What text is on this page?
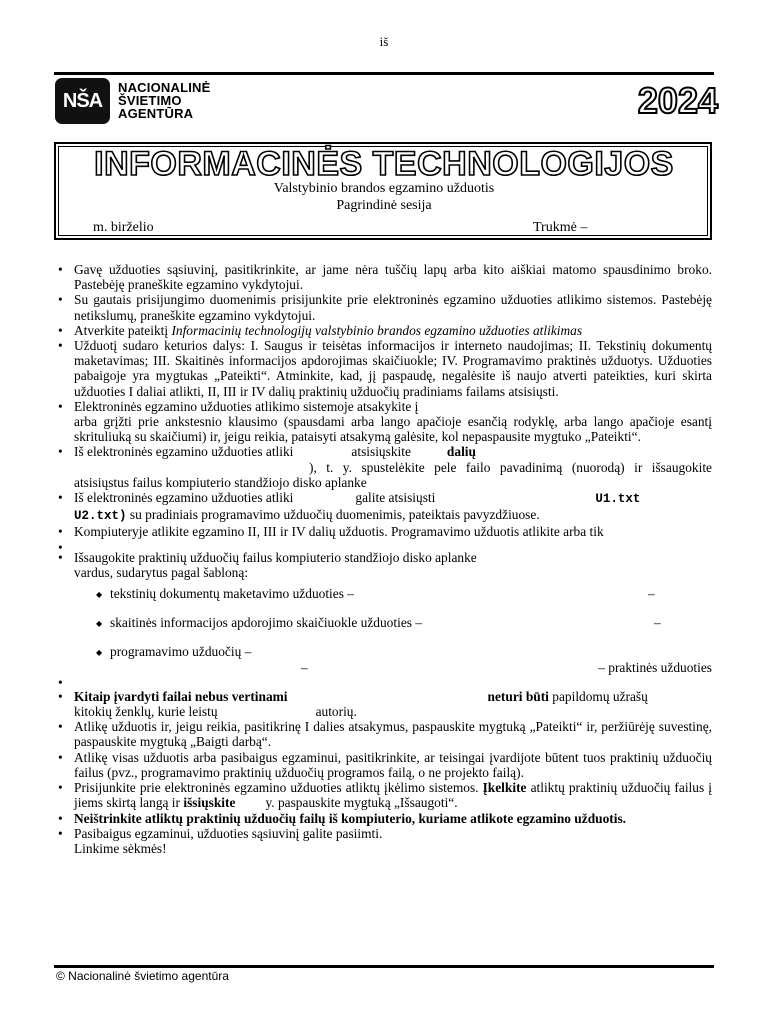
iš
NŠA
NACIONALINĖ
ŠVIETIMO
AGENTŪRA	2024
INFORMACINĖS TECHNOLOGIJOS
Valstybinio brandos egzamino užduotis
Pagrindinė sesija
m. birželio	Trukmė –
• Gavę užduoties sąsiuvinį, pasitikrinkite, ar jame nėra tuščių lapų arba kito aiškiai matomo spausdinimo broko. Pastebėję praneškite egzamino vykdytojui.
• Su gautais prisijungimo duomenimis prisijunkite prie elektroninės egzamino užduoties atlikimo sistemos. Pastebėję netikslumų, praneškite egzamino vykdytojui.
• Atverkite pateiktį Informacinių technologijų valstybinio brandos egzamino užduoties atlikimas
• Užduotį sudaro keturios dalys: I. Saugus ir teisėtas informacijos ir interneto naudojimas; II. Tekstinių dokumentų maketavimas; III. Skaitinės informacijos apdorojimas skaičiuokle; IV. Programavimo praktinės užduotys. Užduoties pabaigoje yra mygtukas „Pateikti“. Atminkite, kad, jį paspaudę, negalėsite iš naujo atverti pateikties, kuri skirta užduoties I daliai atlikti, II, III ir IV dalių praktinių užduočių pradiniams failams atsisiųsti.
• Elektroninės egzamino užduoties atlikimo sistemoje atsakykite į
arba grįžti prie ankstesnio klausimo (spausdami arba lango apačioje esančią rodyklę, arba lango apačioje esantį skrituliuką su skaičiumi) ir, jeigu reikia, pataisyti atsakymą galėsite, kol nepaspausite mygtuko „Pateikti“.
• Iš elektroninės egzamino užduoties atliki	atsisiųskite	dalių
), t. y. spustelėkite pele failo pavadinimą (nuorodą) ir išsaugokite atsisiųstus failus kompiuterio standžiojo disko aplanke
• Iš elektroninės egzamino užduoties atliki	galite atsisiųsti	U1.txt
U2.txt) su pradiniais programavimo užduočių duomenimis, pateiktais pavyzdžiuose.
• Kompiuteryje atlikite egzamino II, III ir IV dalių užduotis. Programavimo užduotis atlikite arba tik
•
• Išsaugokite praktinių užduočių failus kompiuterio standžiojo disko aplanke
vardus, sudarytus pagal šabloną:
◆ tekstinių dokumentų maketavimo užduoties –	–
◆ skaitinės informacijos apdorojimo skaičiuokle užduoties –	–
◆ programavimo užduočių –

–	– praktinės užduoties

•
• Kitaip įvardyti failai nebus vertinami	neturi būti papildomų užrašų
kitokių ženklų, kurie leistų	autorių.
• Atlikę užduotis ir, jeigu reikia, pasitikrinę I dalies atsakymus, paspauskite mygtuką „Pateikti“ ir, peržiūrėję suvestinę, paspauskite mygtuką „Baigti darbą“.
• Atlikę visas užduotis arba pasibaigus egzaminui, pasitikrinkite, ar teisingai įvardijote būtent tuos praktinių užduočių failus (pvz., programavimo praktinių užduočių programos failą, o ne projekto failą).
• Prisijunkite prie elektroninės egzamino užduoties atliktų įkėlimo sistemos. Įkelkite atliktų praktinių užduočių failus į jiems skirtą langą ir išsiųskite y. paspauskite mygtuką „Išsaugoti“.
• Neištrinkite atliktų praktinių užduočių failų iš kompiuterio, kuriame atlikote egzamino užduotis.
• Pasibaigus egzaminui, užduoties sąsiuvinį galite pasiimti.
Linkime sėkmės!
© Nacionalinė švietimo agentūra
